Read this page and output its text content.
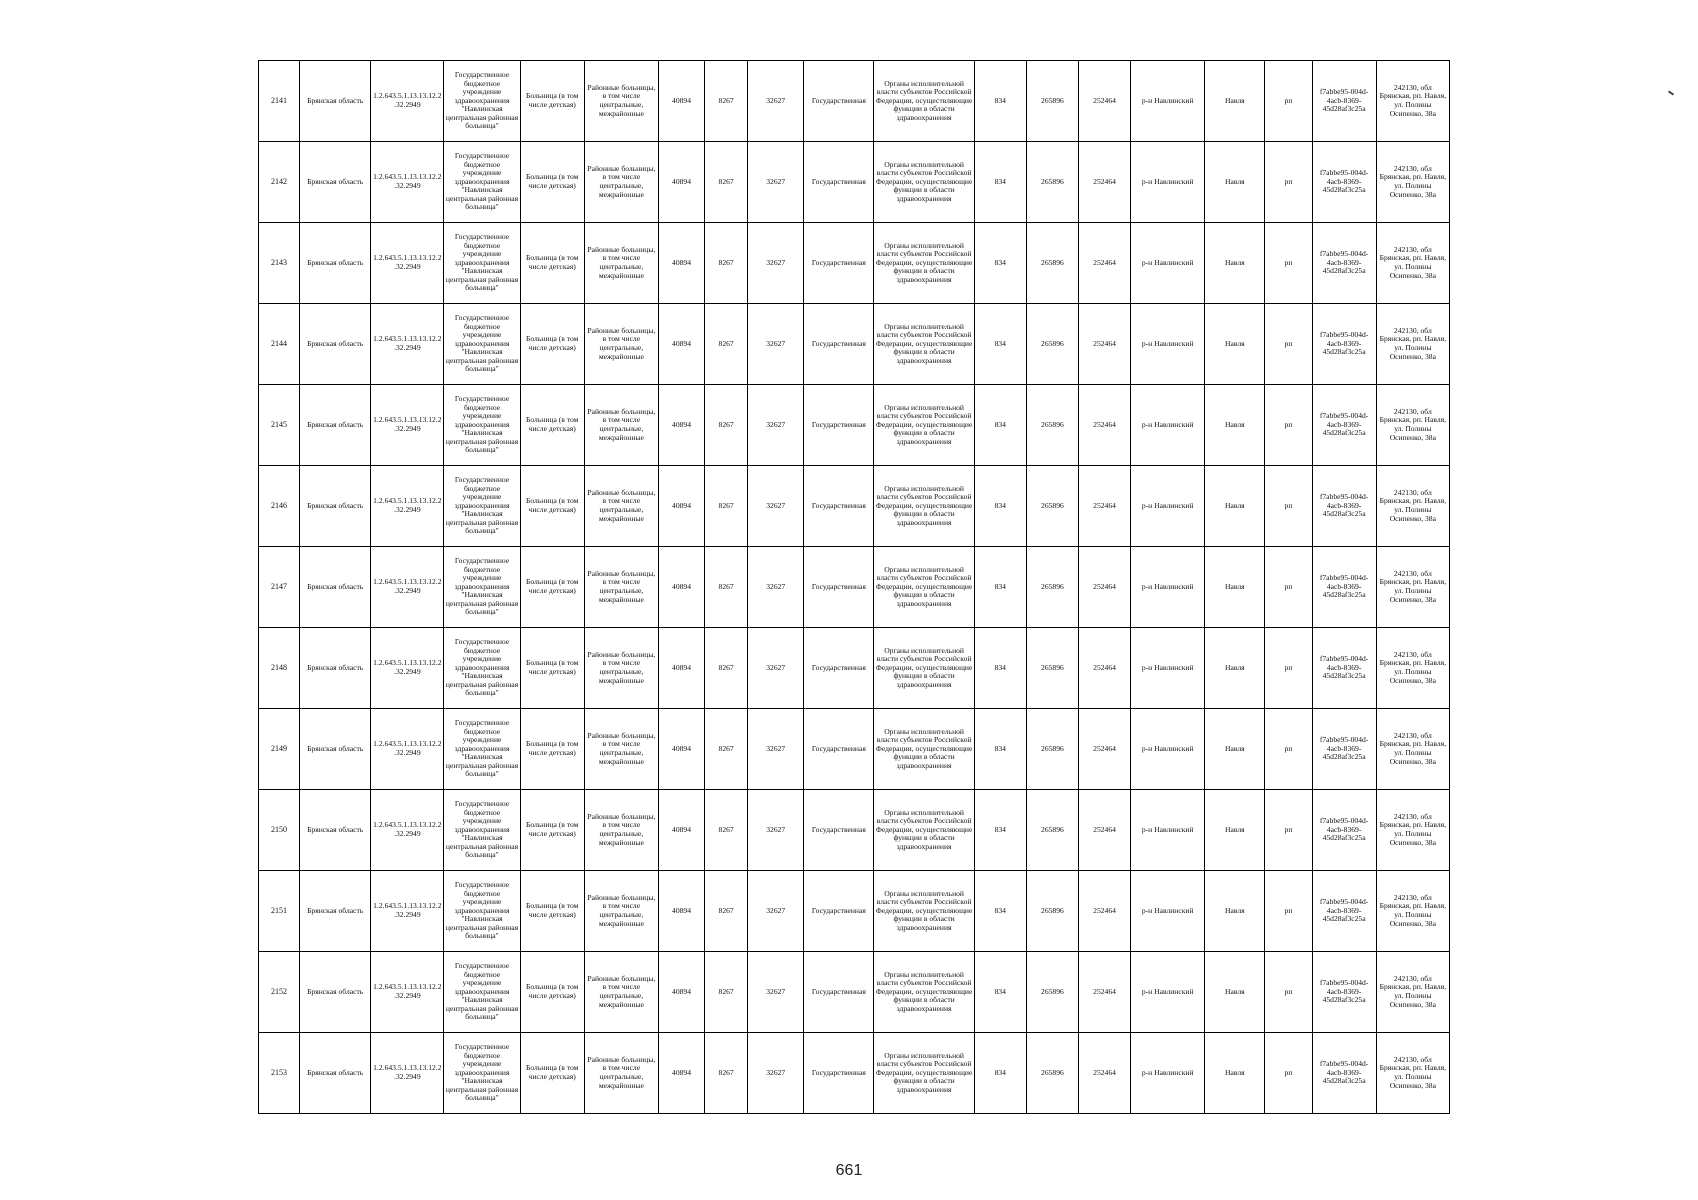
2141	Брянская область	1.2.643.5.1.13.13.12.2.32.2949	Государственное бюджетное учреждение здравоохранения "Навлинская центральная районная больница"	Больница (в том числе детская)	Районные больницы, в том числе центральные, межрайонные	40894	8267	32627	Государственная	Органы исполнительной власти субъектов Российской Федерации, осуществляющие функции в области здравоохранения	834	265896	252464	р-н Навлинский	Навля	рп	f7abbe95-004d-4acb-8369-45d28af3c25a	242130, обл Брянская, рп. Навля, ул. Полины Осипенко, 38а
2142	Брянская область	1.2.643.5.1.13.13.12.2.32.2949	Государственное бюджетное учреждение здравоохранения "Навлинская центральная районная больница"	Больница (в том числе детская)	Районные больницы, в том числе центральные, межрайонные	40894	8267	32627	Государственная	Органы исполнительной власти субъектов Российской Федерации, осуществляющие функции в области здравоохранения	834	265896	252464	р-н Навлинский	Навля	рп	f7abbe95-004d-4acb-8369-45d28af3c25a	242130, обл Брянская, рп. Навля, ул. Полины Осипенко, 38а
2143	Брянская область	1.2.643.5.1.13.13.12.2.32.2949	Государственное бюджетное учреждение здравоохранения "Навлинская центральная районная больница"	Больница (в том числе детская)	Районные больницы, в том числе центральные, межрайонные	40894	8267	32627	Государственная	Органы исполнительной власти субъектов Российской Федерации, осуществляющие функции в области здравоохранения	834	265896	252464	р-н Навлинский	Навля	рп	f7abbe95-004d-4acb-8369-45d28af3c25a	242130, обл Брянская, рп. Навля, ул. Полины Осипенко, 38а
2144	Брянская область	1.2.643.5.1.13.13.12.2.32.2949	Государственное бюджетное учреждение здравоохранения "Навлинская центральная районная больница"	Больница (в том числе детская)	Районные больницы, в том числе центральные, межрайонные	40894	8267	32627	Государственная	Органы исполнительной власти субъектов Российской Федерации, осуществляющие функции в области здравоохранения	834	265896	252464	р-н Навлинский	Навля	рп	f7abbe95-004d-4acb-8369-45d28af3c25a	242130, обл Брянская, рп. Навля, ул. Полины Осипенко, 38а
2145	Брянская область	1.2.643.5.1.13.13.12.2.32.2949	Государственное бюджетное учреждение здравоохранения "Навлинская центральная районная больница"	Больница (в том числе детская)	Районные больницы, в том числе центральные, межрайонные	40894	8267	32627	Государственная	Органы исполнительной власти субъектов Российской Федерации, осуществляющие функции в области здравоохранения	834	265896	252464	р-н Навлинский	Навля	рп	f7abbe95-004d-4acb-8369-45d28af3c25a	242130, обл Брянская, рп. Навля, ул. Полины Осипенко, 38а
2146	Брянская область	1.2.643.5.1.13.13.12.2.32.2949	Государственное бюджетное учреждение здравоохранения "Навлинская центральная районная больница"	Больница (в том числе детская)	Районные больницы, в том числе центральные, межрайонные	40894	8267	32627	Государственная	Органы исполнительной власти субъектов Российской Федерации, осуществляющие функции в области здравоохранения	834	265896	252464	р-н Навлинский	Навля	рп	f7abbe95-004d-4acb-8369-45d28af3c25a	242130, обл Брянская, рп. Навля, ул. Полины Осипенко, 38а
2147	Брянская область	1.2.643.5.1.13.13.12.2.32.2949	Государственное бюджетное учреждение здравоохранения "Навлинская центральная районная больница"	Больница (в том числе детская)	Районные больницы, в том числе центральные, межрайонные	40894	8267	32627	Государственная	Органы исполнительной власти субъектов Российской Федерации, осуществляющие функции в области здравоохранения	834	265896	252464	р-н Навлинский	Навля	рп	f7abbe95-004d-4acb-8369-45d28af3c25a	242130, обл Брянская, рп. Навля, ул. Полины Осипенко, 38а
2148	Брянская область	1.2.643.5.1.13.13.12.2.32.2949	Государственное бюджетное учреждение здравоохранения "Навлинская центральная районная больница"	Больница (в том числе детская)	Районные больницы, в том числе центральные, межрайонные	40894	8267	32627	Государственная	Органы исполнительной власти субъектов Российской Федерации, осуществляющие функции в области здравоохранения	834	265896	252464	р-н Навлинский	Навля	рп	f7abbe95-004d-4acb-8369-45d28af3c25a	242130, обл Брянская, рп. Навля, ул. Полины Осипенко, 38а
2149	Брянская область	1.2.643.5.1.13.13.12.2.32.2949	Государственное бюджетное учреждение здравоохранения "Навлинская центральная районная больница"	Больница (в том числе детская)	Районные больницы, в том числе центральные, межрайонные	40894	8267	32627	Государственная	Органы исполнительной власти субъектов Российской Федерации, осуществляющие функции в области здравоохранения	834	265896	252464	р-н Навлинский	Навля	рп	f7abbe95-004d-4acb-8369-45d28af3c25a	242130, обл Брянская, рп. Навля, ул. Полины Осипенко, 38а
2150	Брянская область	1.2.643.5.1.13.13.12.2.32.2949	Государственное бюджетное учреждение здравоохранения "Навлинская центральная районная больница"	Больница (в том числе детская)	Районные больницы, в том числе центральные, межрайонные	40894	8267	32627	Государственная	Органы исполнительной власти субъектов Российской Федерации, осуществляющие функции в области здравоохранения	834	265896	252464	р-н Навлинский	Навля	рп	f7abbe95-004d-4acb-8369-45d28af3c25a	242130, обл Брянская, рп. Навля, ул. Полины Осипенко, 38а
2151	Брянская область	1.2.643.5.1.13.13.12.2.32.2949	Государственное бюджетное учреждение здравоохранения "Навлинская центральная районная больница"	Больница (в том числе детская)	Районные больницы, в том числе центральные, межрайонные	40894	8267	32627	Государственная	Органы исполнительной власти субъектов Российской Федерации, осуществляющие функции в области здравоохранения	834	265896	252464	р-н Навлинский	Навля	рп	f7abbe95-004d-4acb-8369-45d28af3c25a	242130, обл Брянская, рп. Навля, ул. Полины Осипенко, 38а
2152	Брянская область	1.2.643.5.1.13.13.12.2.32.2949	Государственное бюджетное учреждение здравоохранения "Навлинская центральная районная больница"	Больница (в том числе детская)	Районные больницы, в том числе центральные, межрайонные	40894	8267	32627	Государственная	Органы исполнительной власти субъектов Российской Федерации, осуществляющие функции в области здравоохранения	834	265896	252464	р-н Навлинский	Навля	рп	f7abbe95-004d-4acb-8369-45d28af3c25a	242130, обл Брянская, рп. Навля, ул. Полины Осипенко, 38а
2153	Брянская область	1.2.643.5.1.13.13.12.2.32.2949	Государственное бюджетное учреждение здравоохранения "Навлинская центральная районная больница"	Больница (в том числе детская)	Районные больницы, в том числе центральные, межрайонные	40894	8267	32627	Государственная	Органы исполнительной власти субъектов Российской Федерации, осуществляющие функции в области здравоохранения	834	265896	252464	р-н Навлинский	Навля	рп	f7abbe95-004d-4acb-8369-45d28af3c25a	242130, обл Брянская, рп. Навля, ул. Полины Осипенко, 38а
661
